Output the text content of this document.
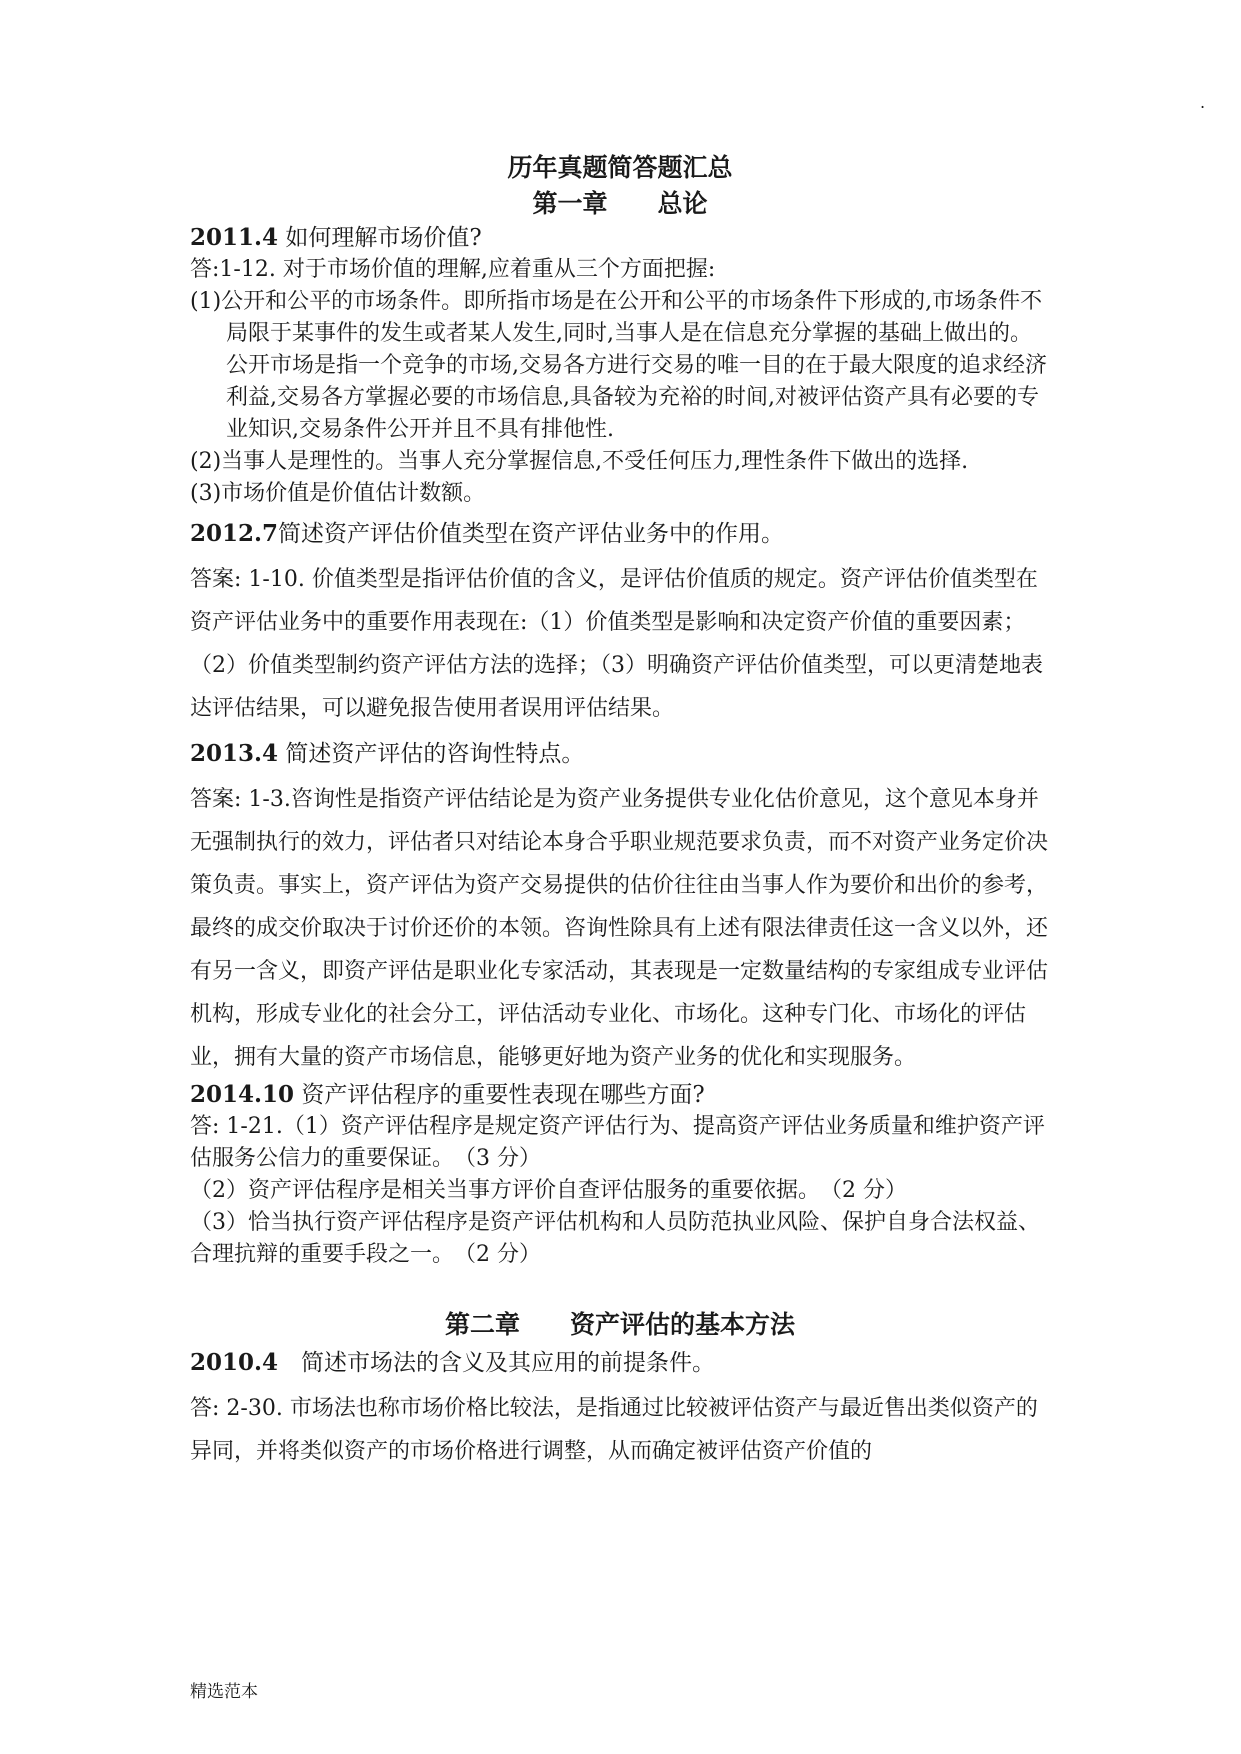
.

历年真题简答题汇总

第一章　　总论

2011.4 如何理解市场价值?

答:1-12. 对于市场价值的理解,应着重从三个方面把握:

(1)公开和公平的市场条件。即所指市场是在公开和公平的市场条件下形成的,市场条件不局限于某事件的发生或者某人发生,同时,当事人是在信息充分掌握的基础上做出的。公开市场是指一个竞争的市场,交易各方进行交易的唯一目的在于最大限度的追求经济利益,交易各方掌握必要的市场信息,具备较为充裕的时间,对被评估资产具有必要的专业知识,交易条件公开并且不具有排他性.

(2)当事人是理性的。当事人充分掌握信息,不受任何压力,理性条件下做出的选择.

(3)市场价值是价值估计数额。

2012.7简述资产评估价值类型在资产评估业务中的作用。

答案: 1-10. 价值类型是指评估价值的含义，是评估价值质的规定。资产评估价值类型在资产评估业务中的重要作用表现在:（1）价值类型是影响和决定资产价值的重要因素；（2）价值类型制约资产评估方法的选择；（3）明确资产评估价值类型，可以更清楚地表达评估结果，可以避免报告使用者误用评估结果。

2013.4 简述资产评估的咨询性特点。

答案: 1-3.咨询性是指资产评估结论是为资产业务提供专业化估价意见，这个意见本身并无强制执行的效力，评估者只对结论本身合乎职业规范要求负责，而不对资产业务定价决策负责。事实上，资产评估为资产交易提供的估价往往由当事人作为要价和出价的参考，最终的成交价取决于讨价还价的本领。咨询性除具有上述有限法律责任这一含义以外，还有另一含义，即资产评估是职业化专家活动，其表现是一定数量结构的专家组成专业评估机构，形成专业化的社会分工，评估活动专业化、市场化。这种专门化、市场化的评估业，拥有大量的资产市场信息，能够更好地为资产业务的优化和实现服务。

2014.10 资产评估程序的重要性表现在哪些方面?

答: 1-21.（1）资产评估程序是规定资产评估行为、提高资产评估业务质量和维护资产评估服务公信力的重要保证。　（3 分）

（2）资产评估程序是相关当事方评价自查评估服务的重要依据。　（2 分）

（3）恰当执行资产评估程序是资产评估机构和人员防范执业风险、保护自身合法权益、 合理抗辩的重要手段之一。　（2 分）

第二章　　资产评估的基本方法

2010.4　简述市场法的含义及其应用的前提条件。

答: 2-30. 市场法也称市场价格比较法，是指通过比较被评估资产与最近售出类似资产的异同，并将类似资产的市场价格进行调整，从而确定被评估资产价值的

精选范本
